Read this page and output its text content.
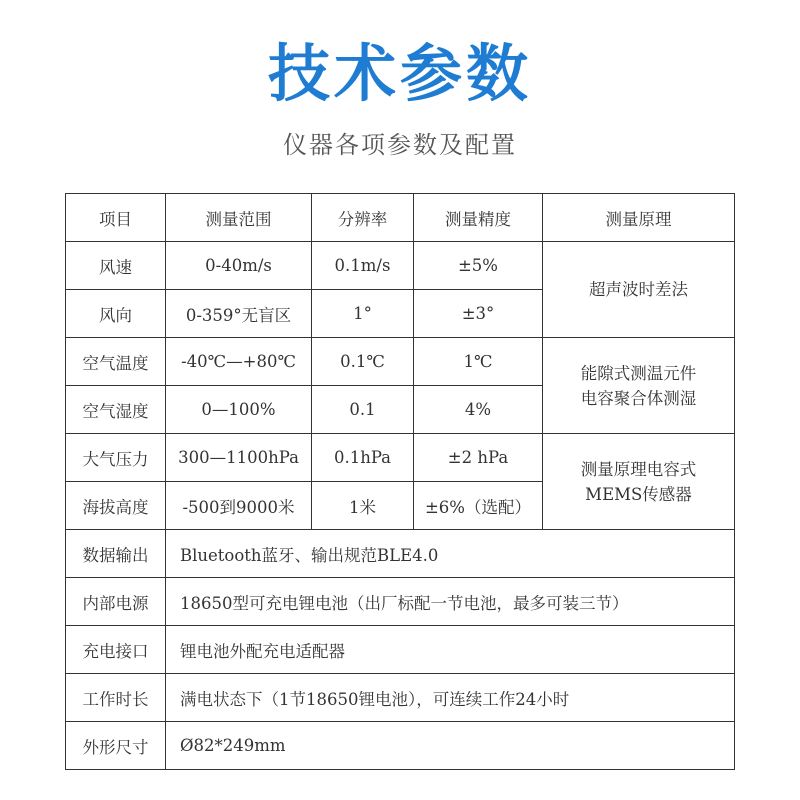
技术参数
仪器各项参数及配置
项目	测量范围	分辨率	测量精度	测量原理
风速	0-40m/s	0.1m/s	±5%	超声波时差法
风向	0-359°无盲区	1°	±3°	
空气温度	-40℃—+80℃	0.1℃	1℃	能隙式测温元件
电容聚合体测湿
空气湿度	0—100%	0.1	4%	
大气压力	300—1100hPa	0.1hPa	±2 hPa	测量原理电容式
MEMS传感器
海拔高度	-500到9000米	1米	±6%（选配）	
数据输出	Bluetooth蓝牙、输出规范BLE4.0			
内部电源	18650型可充电锂电池（出厂标配一节电池，最多可装三节）			
充电接口	锂电池外配充电适配器			
工作时长	满电状态下（1节18650锂电池），可连续工作24小时			
外形尺寸	Ø82*249mm			
